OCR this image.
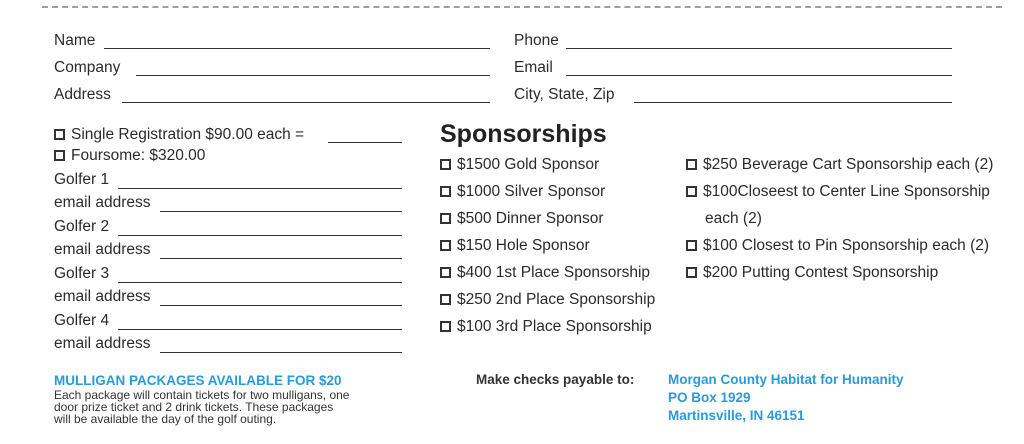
Name
Company
Address
Phone
Email
City, State, Zip
Single Registration $90.00 each =
Foursome: $320.00
Golfer 1
email address
Golfer 2
email address
Golfer 3
email address
Golfer 4
email address
Sponsorships
$1500 Gold Sponsor
$1000 Silver Sponsor
$500 Dinner Sponsor
$150 Hole Sponsor
$400 1st Place Sponsorship
$250 2nd Place Sponsorship
$100 3rd Place Sponsorship
$250 Beverage Cart Sponsorship each (2)
$100Closeest to Center Line Sponsorship
each (2)
$100 Closest to Pin Sponsorship each (2)
$200 Putting Contest Sponsorship
MULLIGAN PACKAGES AVAILABLE FOR $20
Each package will contain tickets for two mulligans, one
door prize ticket and 2 drink tickets. These packages
will be available the day of the golf outing.
Make checks payable to: Morgan County Habitat for Humanity
PO Box 1929
Martinsville, IN 46151
